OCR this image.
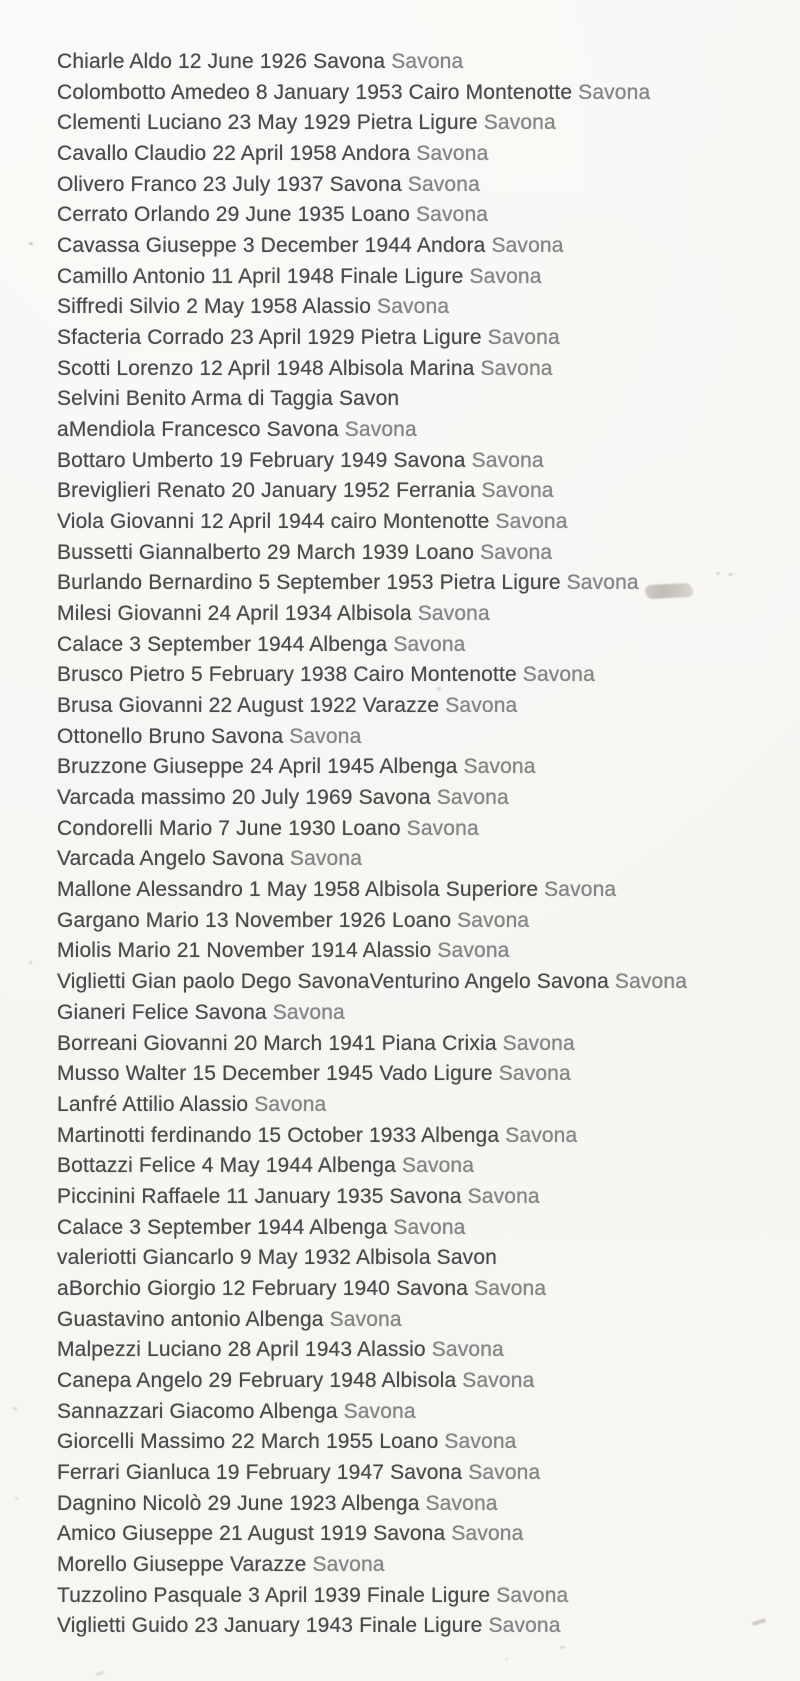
Chiarle Aldo 12 June 1926 Savona Savona
Colombotto Amedeo 8 January 1953 Cairo Montenotte Savona
Clementi Luciano 23 May 1929 Pietra Ligure Savona
Cavallo Claudio 22 April 1958 Andora Savona
Olivero Franco 23 July 1937 Savona Savona
Cerrato Orlando 29 June 1935 Loano Savona
Cavassa Giuseppe 3 December 1944 Andora Savona
Camillo Antonio 11 April 1948 Finale Ligure Savona
Siffredi Silvio 2 May 1958 Alassio Savona
Sfacteria Corrado 23 April 1929 Pietra Ligure Savona
Scotti Lorenzo 12 April 1948 Albisola Marina Savona
Selvini Benito Arma di Taggia Savon
aMendiola Francesco Savona Savona
Bottaro Umberto 19 February 1949 Savona Savona
Breviglieri Renato 20 January 1952 Ferrania Savona
Viola Giovanni 12 April 1944 cairo Montenotte Savona
Bussetti Giannalberto 29 March 1939 Loano Savona
Burlando Bernardino 5 September 1953 Pietra Ligure Savona
Milesi Giovanni 24 April 1934 Albisola Savona
Calace 3 September 1944 Albenga Savona
Brusco Pietro 5 February 1938 Cairo Montenotte Savona
Brusa Giovanni 22 August 1922 Varazze Savona
Ottonello Bruno Savona Savona
Bruzzone Giuseppe 24 April 1945 Albenga Savona
Varcada massimo 20 July 1969 Savona Savona
Condorelli Mario 7 June 1930 Loano Savona
Varcada Angelo Savona Savona
Mallone Alessandro 1 May 1958 Albisola Superiore Savona
Gargano Mario 13 November 1926 Loano Savona
Miolis Mario 21 November 1914 Alassio Savona
Viglietti Gian paolo Dego SavonaVenturino Angelo Savona Savona
Gianeri Felice Savona Savona
Borreani Giovanni 20 March 1941 Piana Crixia Savona
Musso Walter 15 December 1945 Vado Ligure Savona
Lanfré Attilio Alassio Savona
Martinotti ferdinando 15 October 1933 Albenga Savona
Bottazzi Felice 4 May 1944 Albenga Savona
Piccinini Raffaele 11 January 1935 Savona Savona
Calace 3 September 1944 Albenga Savona
valeriotti Giancarlo 9 May 1932 Albisola Savon
aBorchio Giorgio 12 February 1940 Savona Savona
Guastavino antonio Albenga Savona
Malpezzi Luciano 28 April 1943 Alassio Savona
Canepa Angelo 29 February 1948 Albisola Savona
Sannazzari Giacomo Albenga Savona
Giorcelli Massimo 22 March 1955 Loano Savona
Ferrari Gianluca 19 February 1947 Savona Savona
Dagnino Nicolò 29 June 1923 Albenga Savona
Amico Giuseppe 21 August 1919 Savona Savona
Morello Giuseppe Varazze Savona
Tuzzolino Pasquale 3 April 1939 Finale Ligure Savona
Viglietti Guido 23 January 1943 Finale Ligure Savona
